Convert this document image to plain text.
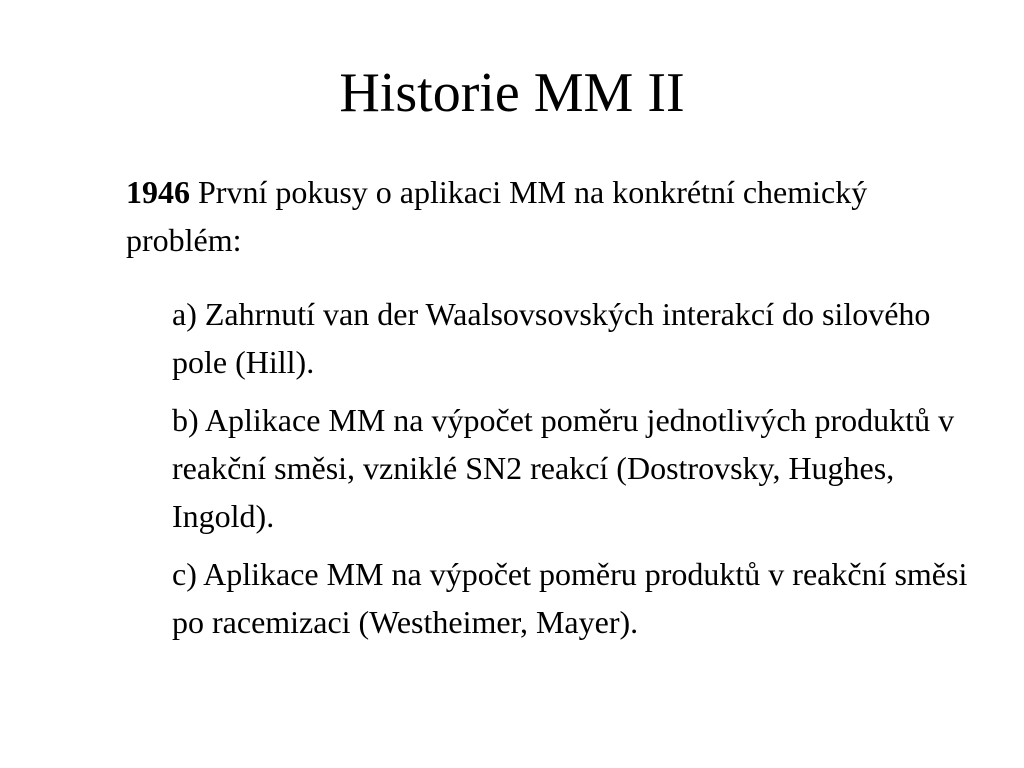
Historie MM II

1946 První pokusy o aplikaci MM na konkrétní chemický problém:

a) Zahrnutí van der Waalsovsovských interakcí do silového pole (Hill).
b) Aplikace MM na výpočet poměru jednotlivých produktů v reakční směsi, vzniklé SN2 reakcí (Dostrovsky, Hughes, Ingold).
c) Aplikace MM na výpočet poměru produktů v reakční směsi po racemizaci (Westheimer, Mayer).
